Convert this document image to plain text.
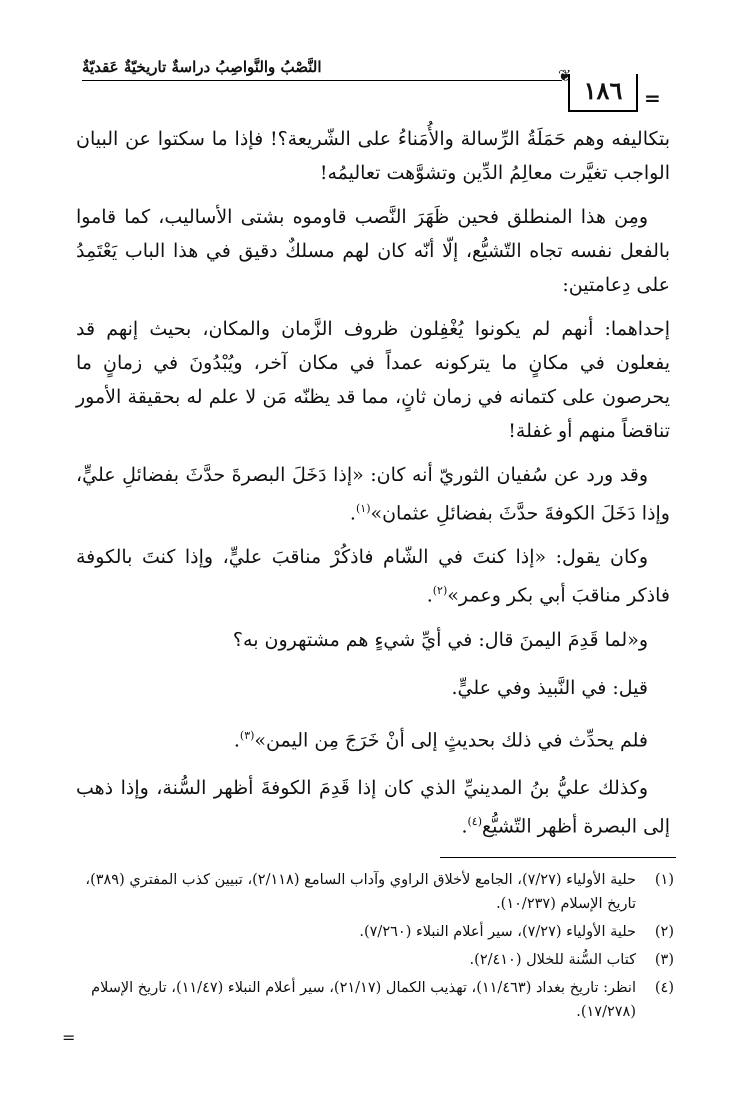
النَّصْبُ والنَّواصِبُ دراسةٌ تاريخيّةٌ عَقديّةٌ	❦
١٨٦	=

بتكاليفه وهم حَمَلَةُ الرِّسالة والأُمَناءُ على الشّريعة؟! فإذا ما سكتوا عن البيان الواجب تغيَّرت معالِمُ الدِّين وتشوَّهت تعاليمُه!

ومِن هذا المنطلق فحين ظَهَرَ النَّصب قاوموه بشتى الأساليب، كما قاموا بالفعل نفسه تجاه التّشيُّع، إلّا أنّه كان لهم مسلكٌ دقيق في هذا الباب يَعْتَمِدُ على دِعامتين:

إحداهما: أنهم لم يكونوا يُغْفِلون ظروف الزَّمان والمكان، بحيث إنهم قد يفعلون في مكانٍ ما يتركونه عمداً في مكان آخر، ويُبْدُونَ في زمانٍ ما يحرصون على كتمانه في زمان ثانٍ، مما قد يظنّه مَن لا علم له بحقيقة الأمور تناقضاً منهم أو غفلة!

وقد ورد عن سُفيان الثوريّ أنه كان: «إذا دَخَلَ البصرةَ حدَّثَ بفضائلِ عليٍّ، وإذا دَخَلَ الكوفةَ حدَّثَ بفضائلِ عثمان»$^{(١)}$.

وكان يقول: «إذا كنتَ في الشّام فاذكُرْ مناقبَ عليٍّ، وإذا كنتَ بالكوفة فاذكر مناقبَ أبي بكر وعمر»$^{(٢)}$.

و«لما قَدِمَ اليمنَ قال: في أيِّ شيءٍ هم مشتهرون به؟

قيل: في النَّبيذ وفي عليٍّ.

فلم يحدِّث في ذلك بحديثٍ إلى أنْ خَرَجَ مِن اليمن»$^{(٣)}$.

وكذلك عليُّ بنُ المدينيِّ الذي كان إذا قَدِمَ الكوفةَ أظهر السُّنة، وإذا ذهب إلى البصرة أظهر التّشيُّع$^{(٤)}$.

(١)
حلية الأولياء (٧/٢٧)، الجامع لأخلاق الراوي وآداب السامع (٢/١١٨)، تبيين كذب المفتري (٣٨٩)، تاريخ الإسلام (١٠/٢٣٧).
(٢)
حلية الأولياء (٧/٢٧)، سير أعلام النبلاء (٧/٢٦٠).
(٣)
كتاب السُّنة للخلال (٢/٤١٠).
(٤)
انظر: تاريخ بغداد (١١/٤٦٣)، تهذيب الكمال (٢١/١٧)، سير أعلام النبلاء (١١/٤٧)، تاريخ الإسلام (١٧/٢٧٨).
=
